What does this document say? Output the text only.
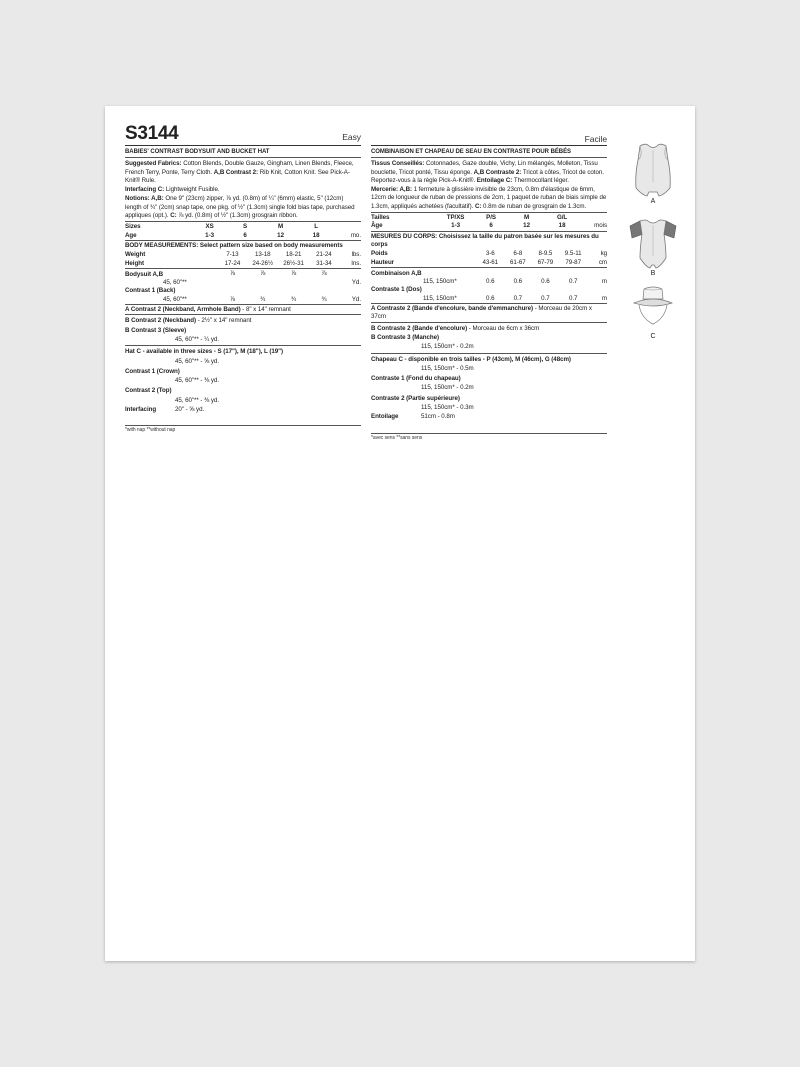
S3144	Easy
BABIES' CONTRAST BODYSUIT AND BUCKET HAT
Suggested Fabrics: Cotton Blends, Double Gauze, Gingham, Linen Blends, Fleece, French Terry, Ponte, Terry Cloth. A,B Contrast 2: Rib Knit, Cotton Knit. See Pick-A-Knit® Rule.
Interfacing C: Lightweight Fusible.
Notions: A,B: One 9" (23cm) zipper, ⅞ yd. (0.8m) of ¼" (6mm) elastic, 5" (12cm) length of ¾" (2cm) snap tape, one pkg. of ½" (1.3cm) single fold bias tape, purchased appliques (opt.). C: ⅞ yd. (0.8m) of ½" (1.3cm) grosgrain ribbon.
Sizes	XS	S	M	L	
Age	1-3	6	12	18	mo.
BODY MEASUREMENTS: Select pattern size based on body measurements
Weight	7-13	13-18	18-21	21-24	lbs.
Height	17-24	24-26½	26½-31	31-34	Ins.
Bodysuit A,B	⅞	⅞	⅞	⅞	
45, 60"**					Yd.
Contrast 1 (Back)					
45, 60"**	⅞	¾	¾	¾	Yd.
A Contrast 2 (Neckband, Armhole Band) - 8" x 14" remnant
B Contrast 2 (Neckband) - 2½" x 14" remnant
B Contrast 3 (Sleeve)
45, 60"** - ¼ yd.
Hat C - available in three sizes - S (17"), M (18"), L (19")
45, 60"** - ⅝ yd.
Contrast 1 (Crown)
45, 60"** - ⅜ yd.
Contrast 2 (Top)
45, 60"** - ⅜ yd.
Interfacing	20" - ⅝ yd.
*with nap **without nap
Facile
COMBINAISON ET CHAPEAU DE SEAU EN CONTRASTE POUR BÉBÉS
Tissus Conseillés: Cotonnades, Gaze double, Vichy, Lin mélangés, Molleton, Tissu bouclette, Tricot ponté, Tissu éponge. A,B Contraste 2: Tricot à côtes, Tricot de coton. Reportez-vous à la règle Pick-A-Knit®. Entoilage C: Thermocollant léger.
Mercerie: A,B: 1 fermeture à glissière invisible de 23cm, 0.8m d'élastique de 6mm, 12cm de longueur de ruban de pressions de 2cm, 1 paquet de ruban de biais simple de 1.3cm, appliqués achetées (facultatif). C: 0.8m de ruban de grosgrain de 1.3cm.
Tailles	TP/XS	P/S	M	G/L	
Âge	1-3	6	12	18	mois
MESURES DU CORPS: Choisissez la taille du patron basée sur les mesures du corps
Poids	3-6	6-8	8-9.5	9.5-11	kg
Hauteur	43-61	61-67	67-79	79-87	cm
Combinaison A,B					
115, 150cm*	0.6	0.6	0.6	0.7	m
Contraste 1 (Dos)					
115, 150cm*	0.6	0.7	0.7	0.7	m
A Contraste 2 (Bande d'encolure, bande d'emmanchure) - Morceau de 20cm x 37cm
B Contraste 2 (Bande d'encolure) - Morceau de 6cm x 36cm
B Contraste 3 (Manche)
115, 150cm* - 0.2m
Chapeau C - disponible en trois tailles - P (43cm), M (46cm), G (48cm)
115, 150cm* - 0.5m
Contraste 1 (Fond du chapeau)
115, 150cm* - 0.2m
Contraste 2 (Partie supérieure)
115, 150cm* - 0.3m
Entoilage	51cm - 0.8m
*avec sens **sans sens
A
B
C
